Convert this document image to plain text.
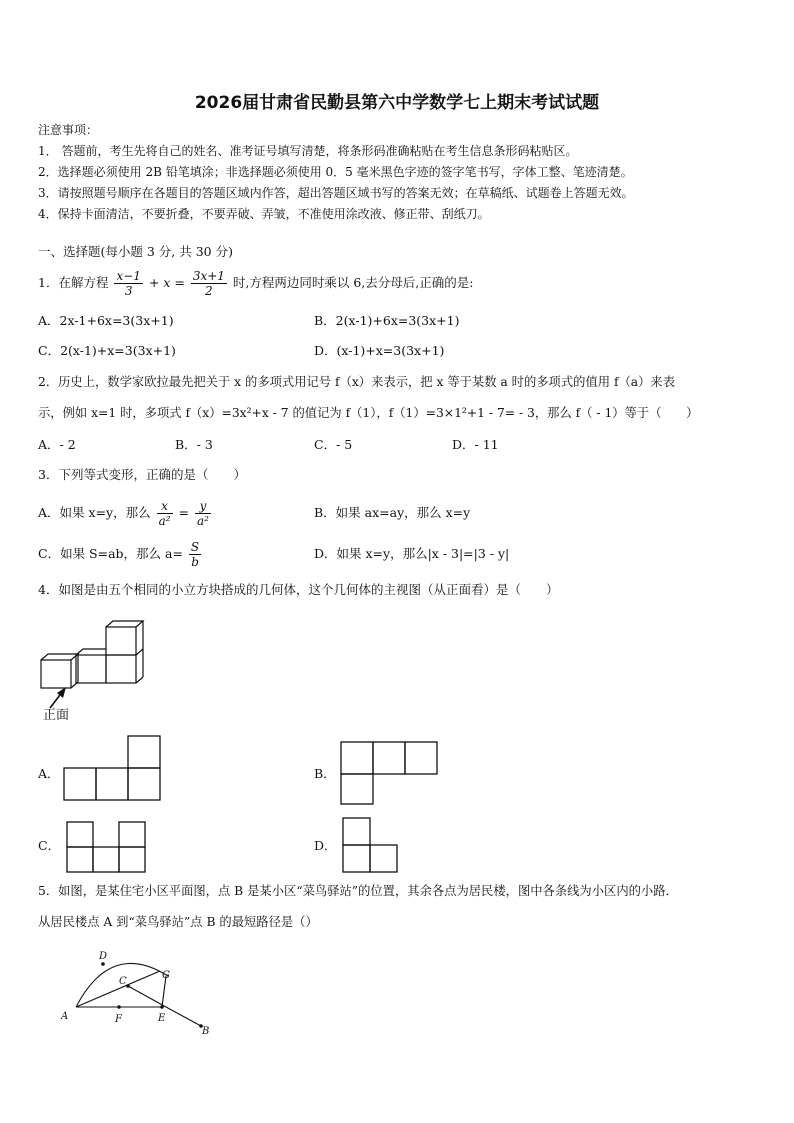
2026届甘肃省民勤县第六中学数学七上期末考试试题
注意事项：
1． 答题前，考生先将自己的姓名、准考证号填写清楚，将条形码准确粘贴在考生信息条形码粘贴区。
2．选择题必须使用 2B 铅笔填涂；非选择题必须使用 0．5 毫米黑色字迹的签字笔书写，字体工整、笔迹清楚。
3．请按照题号顺序在各题目的答题区域内作答，超出答题区域书写的答案无效；在草稿纸、试题卷上答题无效。
4．保持卡面清洁，不要折叠，不要弄破、弄皱，不准使用涂改液、修正带、刮纸刀。
一、选择题(每小题 3 分, 共 30 分)
1．在解方程 $\frac{x-1}{3} + x = \frac{3x+1}{2}$ 时,方程两边同时乘以 6,去分母后,正确的是:
A．2x-1+6x=3(3x+1)	B．2(x-1)+6x=3(3x+1)
C．2(x-1)+x=3(3x+1)	D．(x-1)+x=3(3x+1)
2．历史上，数学家欧拉最先把关于 x 的多项式用记号 f（x）来表示，把 x 等于某数 a 时的多项式的值用 f（a）来表
示，例如 x=1 时，多项式 f（x）=3x²+x - 7 的值记为 f（1），f（1）=3×1²+1 - 7= - 3，那么 f（ - 1）等于（　　）
A．- 2	B．- 3	C．- 5	D．- 11
3．下列等式变形，正确的是（　　）
A．如果 x=y，那么 $\frac{x}{\text{a²}} = \frac{y}{\text{a²}}$	B．如果 ax=ay，那么 x=y
C．如果 S=ab，那么 $a= \frac{S}{b}$	D．如果 x=y，那么|x - 3|=|3 - y|
4．如图是由五个相同的小立方块搭成的几何体，这个几何体的主视图（从正面看）是（　　）
正面
A．	B．
C．	D．
5．如图，是某住宅小区平面图，点 B 是某小区“菜鸟驿站”的位置，其余各点为居民楼，图中各条线为小区内的小路．
从居民楼点 A 到“菜鸟驿站”点 B 的最短路径是（）
D
C
G
A	F	E
B
